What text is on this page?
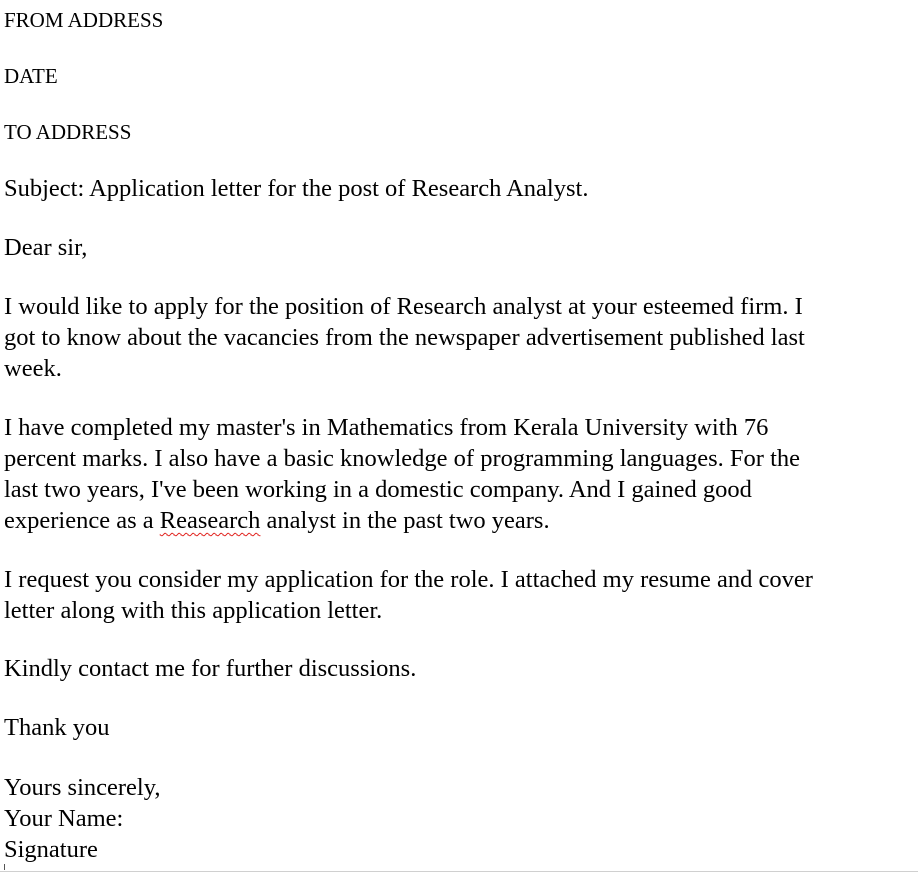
FROM ADDRESS

DATE

TO ADDRESS

Subject: Application letter for the post of Research Analyst.

Dear sir,

I would like to apply for the position of Research analyst at your esteemed firm. I
got to know about the vacancies from the newspaper advertisement published last
week.
I have completed my master's in Mathematics from Kerala University with 76
percent marks. I also have a basic knowledge of programming languages. For the
last two years, I've been working in a domestic company. And I gained good
experience as a Reasearch analyst in the past two years.
I request you consider my application for the role. I attached my resume and cover
letter along with this application letter.

Kindly contact me for further discussions.

Thank you

Yours sincerely,
Your Name:
Signature
